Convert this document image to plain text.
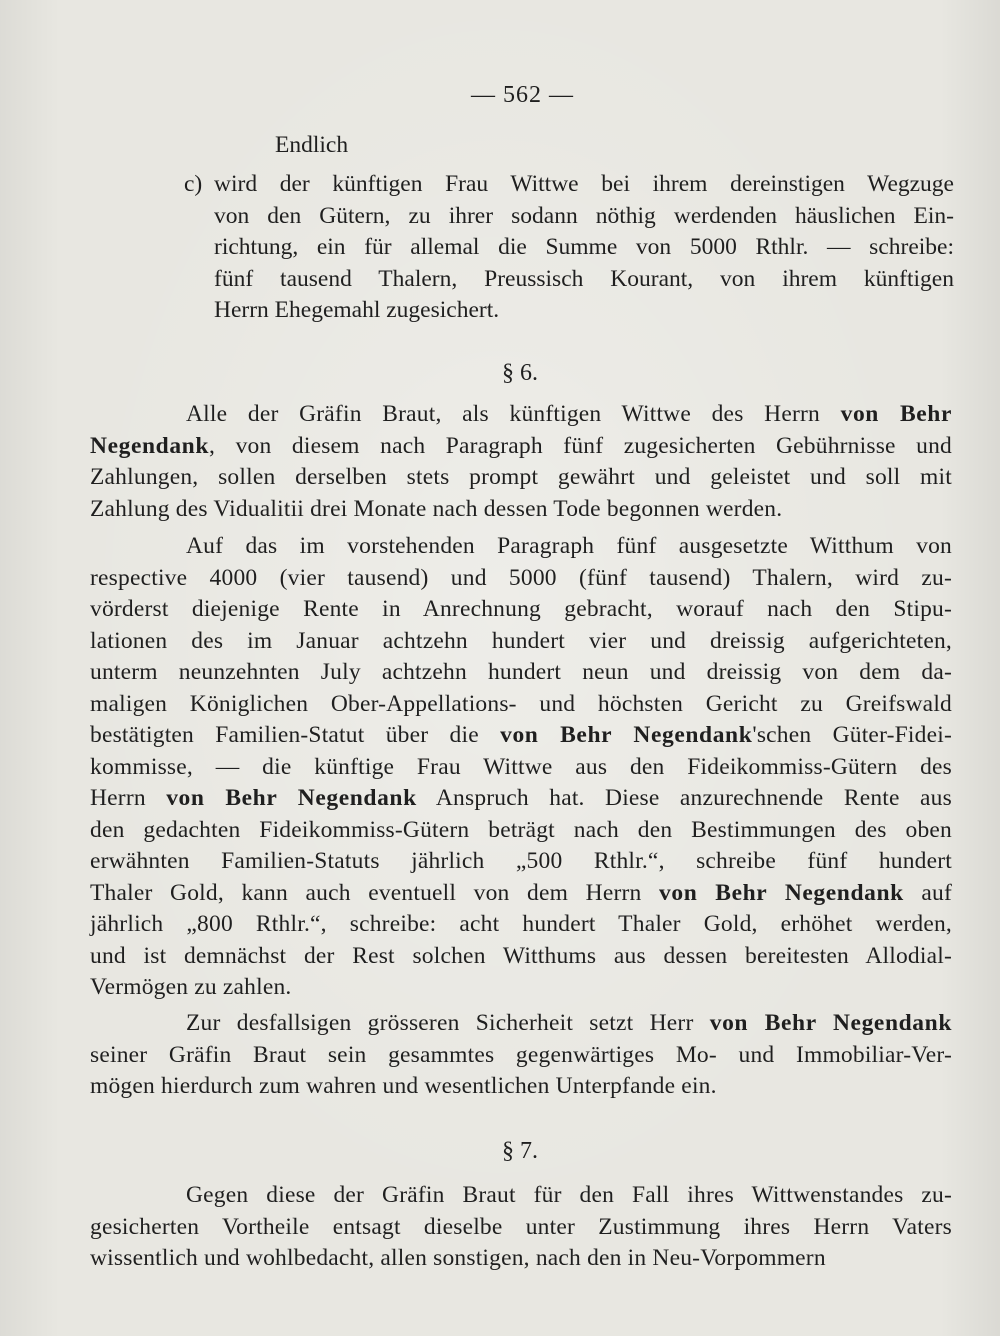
— 562 —
Endlich
c) wird der künftigen Frau Wittwe bei ihrem dereinstigen Wegzuge
von den Gütern, zu ihrer sodann nöthig werdenden häuslichen Ein-
richtung, ein für allemal die Summe von 5000 Rthlr. — schreibe:
fünf tausend Thalern, Preussisch Kourant, von ihrem künftigen
Herrn Ehegemahl zugesichert.
§ 6.
Alle der Gräfin Braut, als künftigen Wittwe des Herrn von Behr
Negendank, von diesem nach Paragraph fünf zugesicherten Gebührnisse und
Zahlungen, sollen derselben stets prompt gewährt und geleistet und soll mit
Zahlung des Vidualitii drei Monate nach dessen Tode begonnen werden.
Auf das im vorstehenden Paragraph fünf ausgesetzte Witthum von
respective 4000 (vier tausend) und 5000 (fünf tausend) Thalern, wird zu-
vörderst diejenige Rente in Anrechnung gebracht, worauf nach den Stipu-
lationen des im Januar achtzehn hundert vier und dreissig aufgerichteten,
unterm neunzehnten July achtzehn hundert neun und dreissig von dem da-
maligen Königlichen Ober-Appellations- und höchsten Gericht zu Greifswald
bestätigten Familien-Statut über die von Behr Negendank'schen Güter-Fidei-
kommisse, — die künftige Frau Wittwe aus den Fideikommiss-Gütern des
Herrn von Behr Negendank Anspruch hat. Diese anzurechnende Rente aus
den gedachten Fideikommiss-Gütern beträgt nach den Bestimmungen des oben
erwähnten Familien-Statuts jährlich „500 Rthlr.“, schreibe fünf hundert
Thaler Gold, kann auch eventuell von dem Herrn von Behr Negendank auf
jährlich „800 Rthlr.“, schreibe: acht hundert Thaler Gold, erhöhet werden,
und ist demnächst der Rest solchen Witthums aus dessen bereitesten Allodial-
Vermögen zu zahlen.
Zur desfallsigen grösseren Sicherheit setzt Herr von Behr Negendank
seiner Gräfin Braut sein gesammtes gegenwärtiges Mo- und Immobiliar-Ver-
mögen hierdurch zum wahren und wesentlichen Unterpfande ein.
§ 7.
Gegen diese der Gräfin Braut für den Fall ihres Wittwenstandes zu-
gesicherten Vortheile entsagt dieselbe unter Zustimmung ihres Herrn Vaters
wissentlich und wohlbedacht, allen sonstigen, nach den in Neu-Vorpommern
